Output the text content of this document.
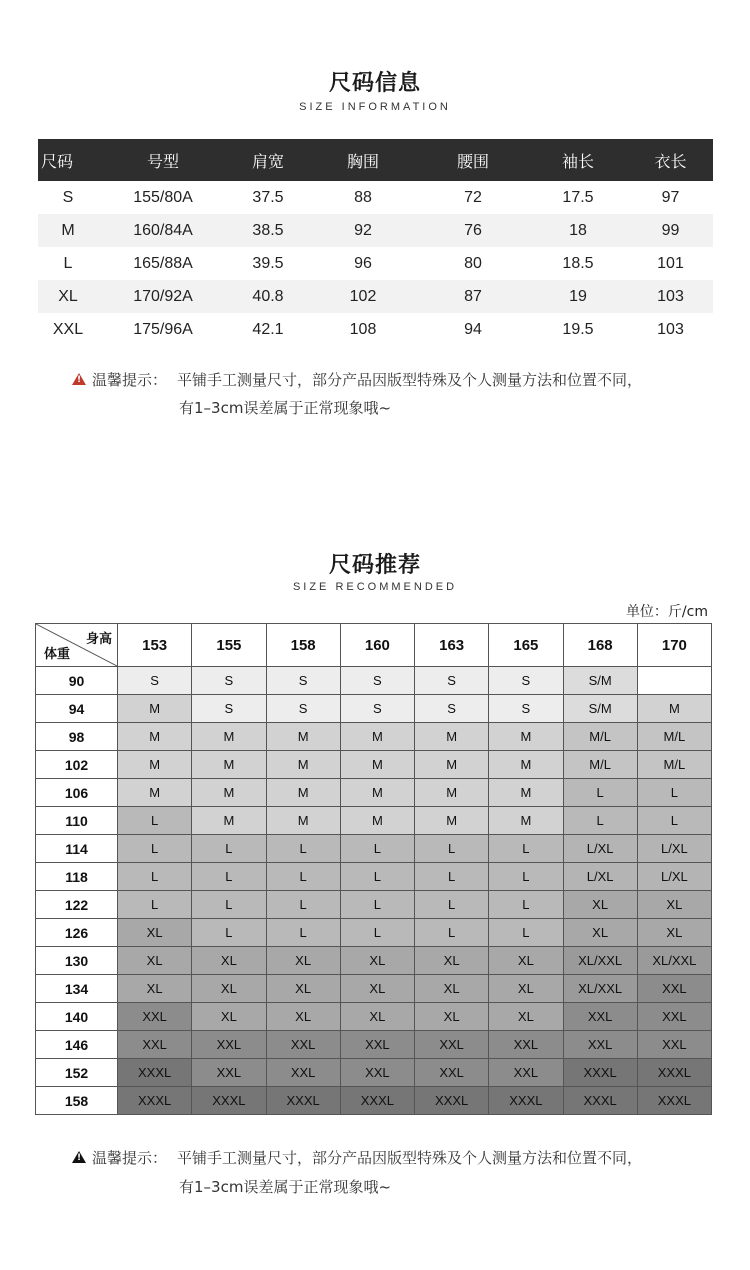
尺码信息
SIZE INFORMATION
尺码	号型	肩宽	胸围	腰围	袖长	衣长
S	155/80A	37.5	88	72	17.5	97
M	160/84A	38.5	92	76	18	99
L	165/88A	39.5	96	80	18.5	101
XL	170/92A	40.8	102	87	19	103
XXL	175/96A	42.1	108	94	19.5	103
! 温馨提示： 平铺手工测量尺寸，部分产品因版型特殊及个人测量方法和位置不同，
有1–3cm误差属于正常现象哦~
尺码推荐
SIZE RECOMMENDED
单位：斤/cm
身高
体重	153	155	158	160	163	165	168	170
90	S	S	S	S	S	S	S/M	
94	M	S	S	S	S	S	S/M	M
98	M	M	M	M	M	M	M/L	M/L
102	M	M	M	M	M	M	M/L	M/L
106	M	M	M	M	M	M	L	L
110	L	M	M	M	M	M	L	L
114	L	L	L	L	L	L	L/XL	L/XL
118	L	L	L	L	L	L	L/XL	L/XL
122	L	L	L	L	L	L	XL	XL
126	XL	L	L	L	L	L	XL	XL
130	XL	XL	XL	XL	XL	XL	XL/XXL	XL/XXL
134	XL	XL	XL	XL	XL	XL	XL/XXL	XXL
140	XXL	XL	XL	XL	XL	XL	XXL	XXL
146	XXL	XXL	XXL	XXL	XXL	XXL	XXL	XXL
152	XXXL	XXL	XXL	XXL	XXL	XXL	XXXL	XXXL
158	XXXL	XXXL	XXXL	XXXL	XXXL	XXXL	XXXL	XXXL
! 温馨提示： 平铺手工测量尺寸，部分产品因版型特殊及个人测量方法和位置不同，
有1–3cm误差属于正常现象哦~
